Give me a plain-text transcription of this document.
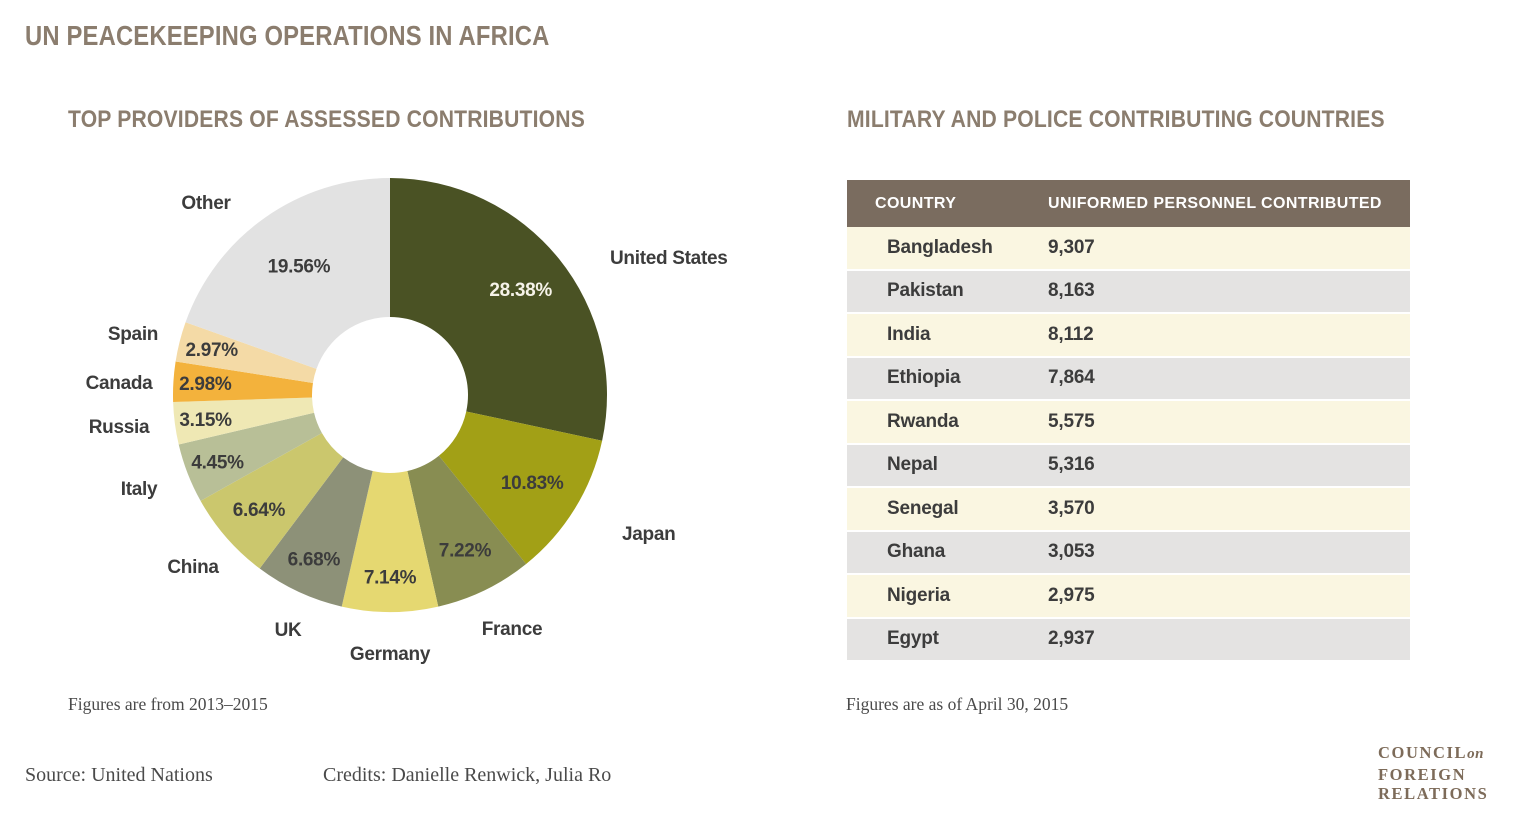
UN PEACEKEEPING OPERATIONS IN AFRICA
TOP PROVIDERS OF ASSESSED CONTRIBUTIONS	MILITARY AND POLICE CONTRIBUTING COUNTRIES
28.38%
United States
10.83%
Japan
7.22%
France
7.14%
Germany
6.68%
UK
6.64%
China
4.45%
Italy
3.15%
Russia
2.98%
Canada
2.97%
Spain
19.56%
Other
Figures are from 2013–2015
COUNTRY	UNIFORMED PERSONNEL CONTRIBUTED
Bangladesh	9,307
Pakistan	8,163
India	8,112
Ethiopia	7,864
Rwanda	5,575
Nepal	5,316
Senegal	3,570
Ghana	3,053
Nigeria	2,975
Egypt	2,937
Figures are as of April 30, 2015
Source: United Nations	Credits: Danielle Renwick, Julia Ro
COUNCILon
FOREIGN
RELATIONS
